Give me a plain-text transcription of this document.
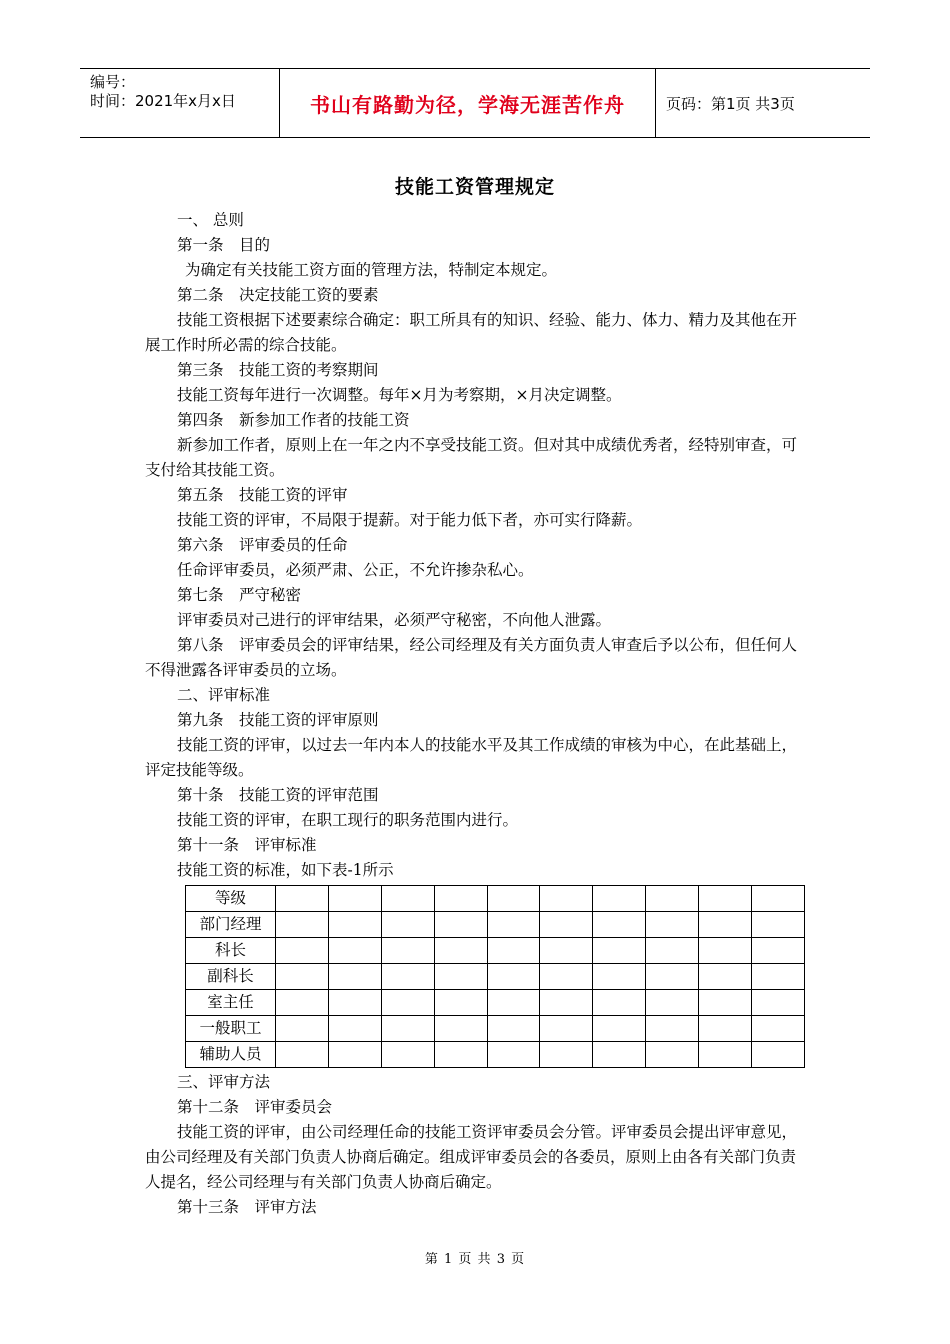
编号：
时间：2021年x月x日	书山有路勤为径，学海无涯苦作舟	页码：第1页 共3页
技能工资管理规定

一、 总则

第一条　目的

为确定有关技能工资方面的管理方法，特制定本规定。

第二条　决定技能工资的要素

技能工资根据下述要素综合确定：职工所具有的知识、经验、能力、体力、精力及其他在开展工作时所必需的综合技能。

第三条　技能工资的考察期间

技能工资每年进行一次调整。每年×月为考察期，×月决定调整。

第四条　新参加工作者的技能工资

新参加工作者，原则上在一年之内不享受技能工资。但对其中成绩优秀者，经特别审查，可支付给其技能工资。

第五条　技能工资的评审

技能工资的评审，不局限于提薪。对于能力低下者，亦可实行降薪。

第六条　评审委员的任命

任命评审委员，必须严肃、公正，不允许掺杂私心。

第七条　严守秘密

评审委员对己进行的评审结果，必须严守秘密，不向他人泄露。

第八条　评审委员会的评审结果，经公司经理及有关方面负责人审查后予以公布，但任何人不得泄露各评审委员的立场。

二、评审标准

第九条　技能工资的评审原则

技能工资的评审，以过去一年内本人的技能水平及其工作成绩的审核为中心，在此基础上，评定技能等级。

第十条　技能工资的评审范围

技能工资的评审，在职工现行的职务范围内进行。

第十一条　评审标准

技能工资的标准，如下表-1所示

等级										
部门经理										
科长										
副科长										
室主任										
一般职工										
辅助人员										

三、评审方法

第十二条　评审委员会

技能工资的评审，由公司经理任命的技能工资评审委员会分管。评审委员会提出评审意见，由公司经理及有关部门负责人协商后确定。组成评审委员会的各委员，原则上由各有关部门负责人提名，经公司经理与有关部门负责人协商后确定。

第十三条　评审方法

第 1 页 共 3 页
